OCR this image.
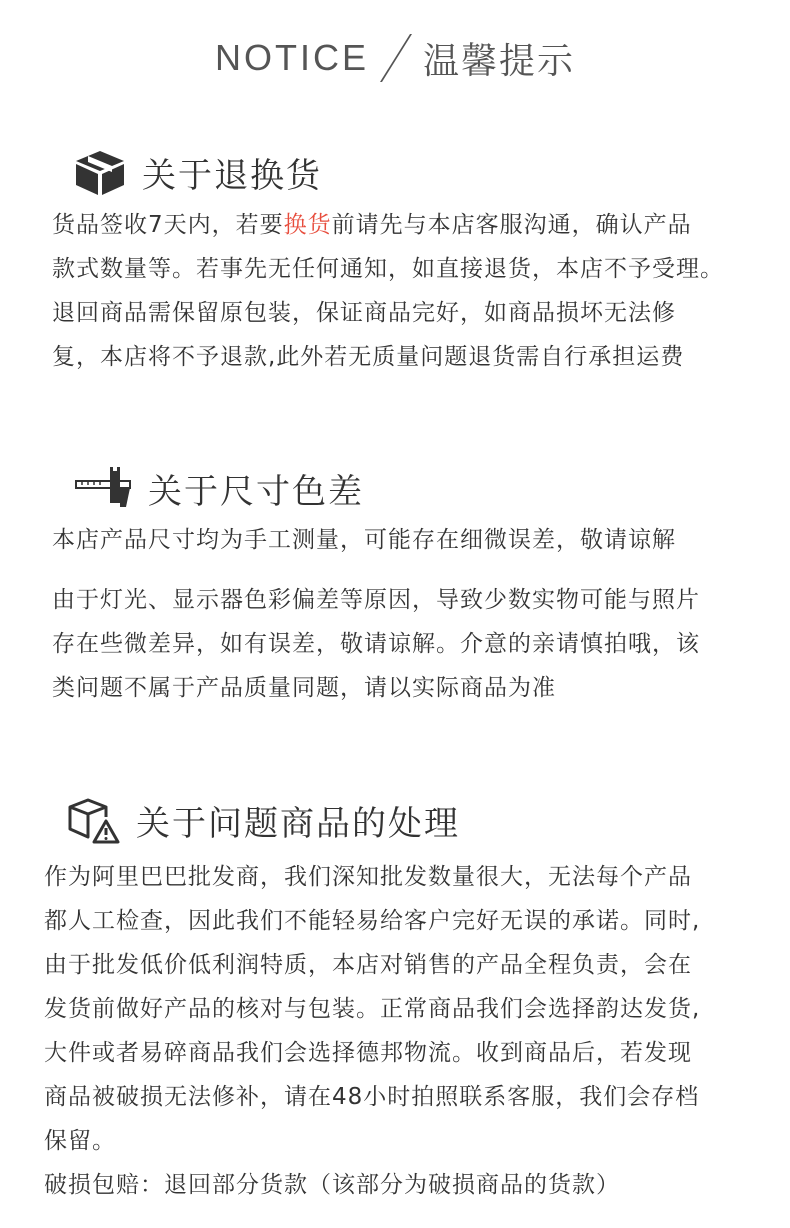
NOTICE 温馨提示
关于退换货
货品签收7天内，若要换货前请先与本店客服沟通，确认产品
款式数量等。若事先无任何通知，如直接退货，本店不予受理。
退回商品需保留原包装，保证商品完好，如商品损坏无法修
复，本店将不予退款,此外若无质量问题退货需自行承担运费
关于尺寸色差
本店产品尺寸均为手工测量，可能存在细微误差，敬请谅解
由于灯光、显示器色彩偏差等原因，导致少数实物可能与照片
存在些微差异，如有误差，敬请谅解。介意的亲请慎拍哦，该
类问题不属于产品质量同题，请以实际商品为准
关于问题商品的处理
作为阿里巴巴批发商，我们深知批发数量很大，无法每个产品
都人工检查，因此我们不能轻易给客户完好无误的承诺。同时,
由于批发低价低利润特质，本店对销售的产品全程负责，会在
发货前做好产品的核对与包装。正常商品我们会选择韵达发货,
大件或者易碎商品我们会选择德邦物流。收到商品后，若发现
商品被破损无法修补，请在48小时拍照联系客服，我们会存档
保留。
破损包赔：退回部分货款（该部分为破损商品的货款）
